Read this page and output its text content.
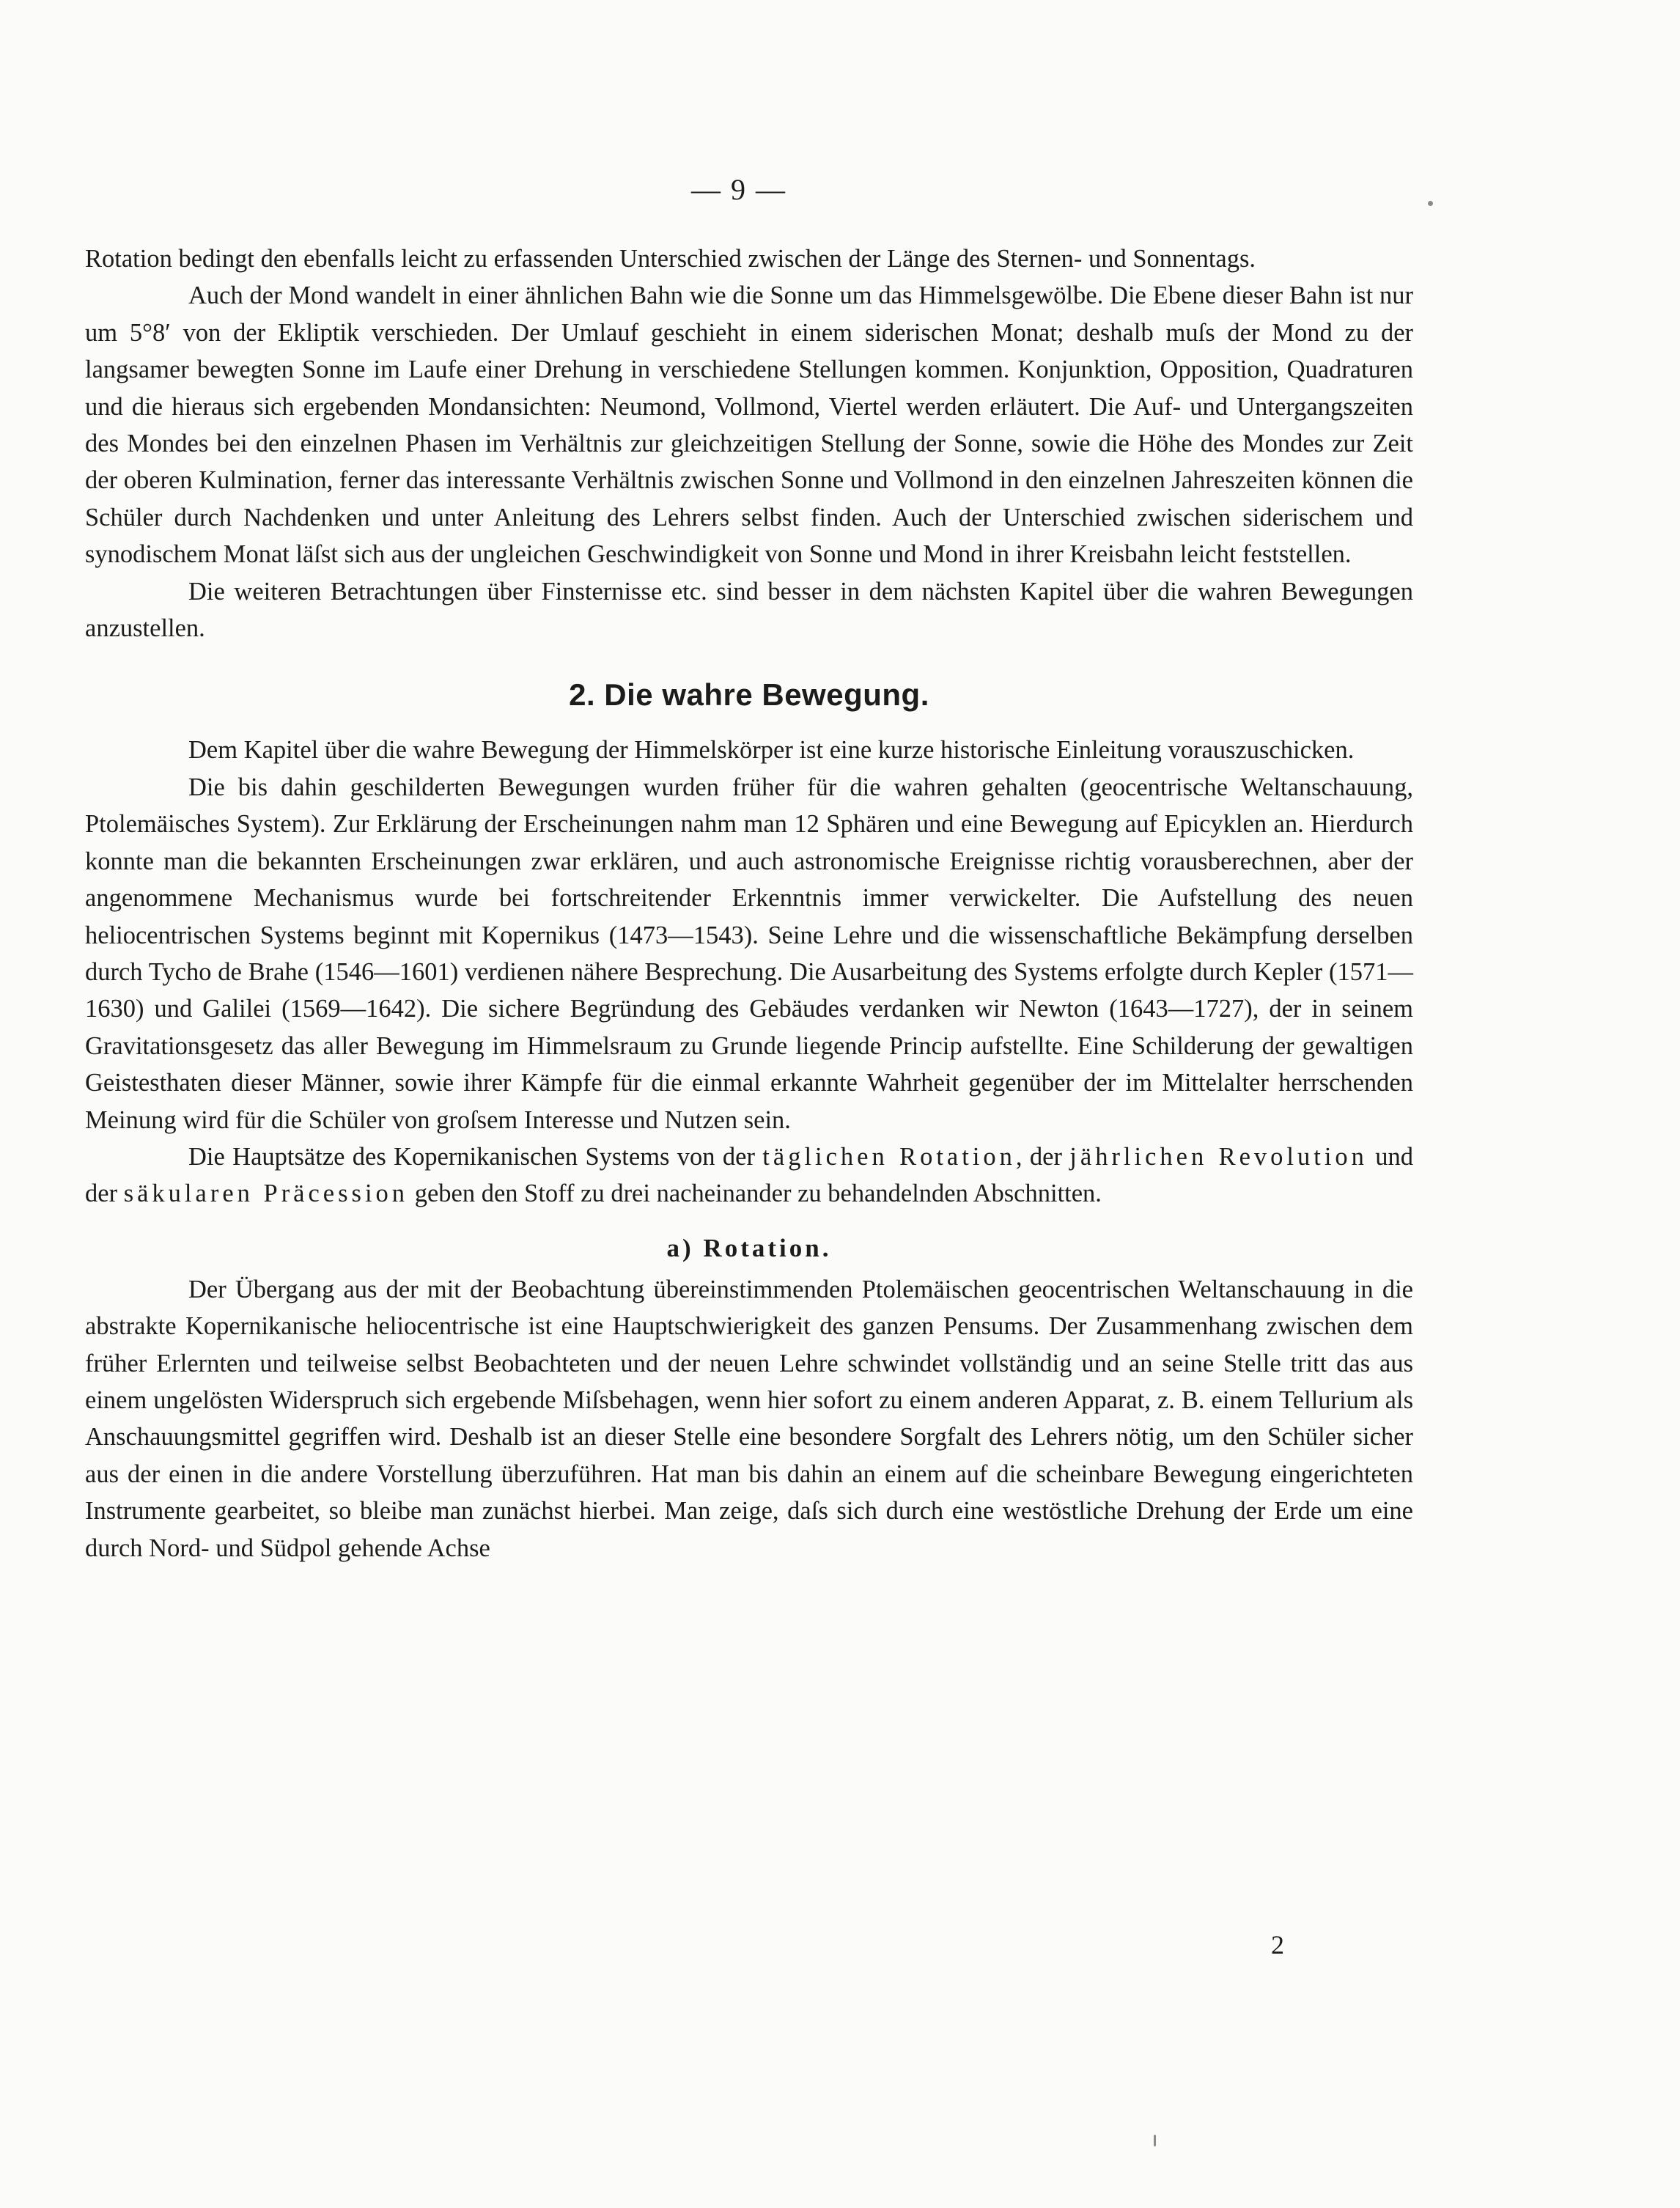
— 9 —

Rotation bedingt den ebenfalls leicht zu erfassenden Unterschied zwischen der Länge des Sternen- und Sonnentags.

Auch der Mond wandelt in einer ähnlichen Bahn wie die Sonne um das Himmelsgewölbe. Die Ebene dieser Bahn ist nur um 5°8′ von der Ekliptik verschieden. Der Umlauf geschieht in einem siderischen Monat; deshalb muſs der Mond zu der langsamer bewegten Sonne im Laufe einer Drehung in verschiedene Stellungen kommen. Konjunktion, Opposition, Quadraturen und die hieraus sich ergebenden Mondansichten: Neumond, Vollmond, Viertel werden erläutert. Die Auf- und Untergangszeiten des Mondes bei den einzelnen Phasen im Verhältnis zur gleichzeitigen Stellung der Sonne, sowie die Höhe des Mondes zur Zeit der oberen Kulmination, ferner das interessante Verhältnis zwischen Sonne und Vollmond in den einzelnen Jahreszeiten können die Schüler durch Nachdenken und unter Anleitung des Lehrers selbst finden. Auch der Unterschied zwischen siderischem und synodischem Monat läſst sich aus der ungleichen Geschwindigkeit von Sonne und Mond in ihrer Kreisbahn leicht feststellen.

Die weiteren Betrachtungen über Finsternisse etc. sind besser in dem nächsten Kapitel über die wahren Bewegungen anzustellen.

2. Die wahre Bewegung.

Dem Kapitel über die wahre Bewegung der Himmelskörper ist eine kurze historische Einleitung vorauszuschicken.

Die bis dahin geschilderten Bewegungen wurden früher für die wahren gehalten (geocentrische Weltanschauung, Ptolemäisches System). Zur Erklärung der Erscheinungen nahm man 12 Sphären und eine Bewegung auf Epicyklen an. Hierdurch konnte man die bekannten Erscheinungen zwar erklären, und auch astronomische Ereignisse richtig vorausberechnen, aber der angenommene Mechanismus wurde bei fortschreitender Erkenntnis immer verwickelter. Die Aufstellung des neuen heliocentrischen Systems beginnt mit Kopernikus (1473—1543). Seine Lehre und die wissenschaftliche Bekämpfung derselben durch Tycho de Brahe (1546—1601) verdienen nähere Besprechung. Die Ausarbeitung des Systems erfolgte durch Kepler (1571—1630) und Galilei (1569—1642). Die sichere Begründung des Gebäudes verdanken wir Newton (1643—1727), der in seinem Gravitationsgesetz das aller Bewegung im Himmelsraum zu Grunde liegende Princip aufstellte. Eine Schilderung der gewaltigen Geistesthaten dieser Männer, sowie ihrer Kämpfe für die einmal erkannte Wahrheit gegenüber der im Mittelalter herrschenden Meinung wird für die Schüler von groſsem Interesse und Nutzen sein.

Die Hauptsätze des Kopernikanischen Systems von der täglichen Rotation, der jährlichen Revolution und der säkularen Präcession geben den Stoff zu drei nacheinander zu behandelnden Abschnitten.

a) Rotation.

Der Übergang aus der mit der Beobachtung übereinstimmenden Ptolemäischen geocentrischen Weltanschauung in die abstrakte Kopernikanische heliocentrische ist eine Hauptschwierigkeit des ganzen Pensums. Der Zusammenhang zwischen dem früher Erlernten und teilweise selbst Beobachteten und der neuen Lehre schwindet vollständig und an seine Stelle tritt das aus einem ungelösten Widerspruch sich ergebende Miſsbehagen, wenn hier sofort zu einem anderen Apparat, z. B. einem Tellurium als Anschauungsmittel gegriffen wird. Deshalb ist an dieser Stelle eine besondere Sorgfalt des Lehrers nötig, um den Schüler sicher aus der einen in die andere Vorstellung überzuführen. Hat man bis dahin an einem auf die scheinbare Bewegung eingerichteten Instrumente gearbeitet, so bleibe man zunächst hierbei. Man zeige, daſs sich durch eine westöstliche Drehung der Erde um eine durch Nord- und Südpol gehende Achse

2
